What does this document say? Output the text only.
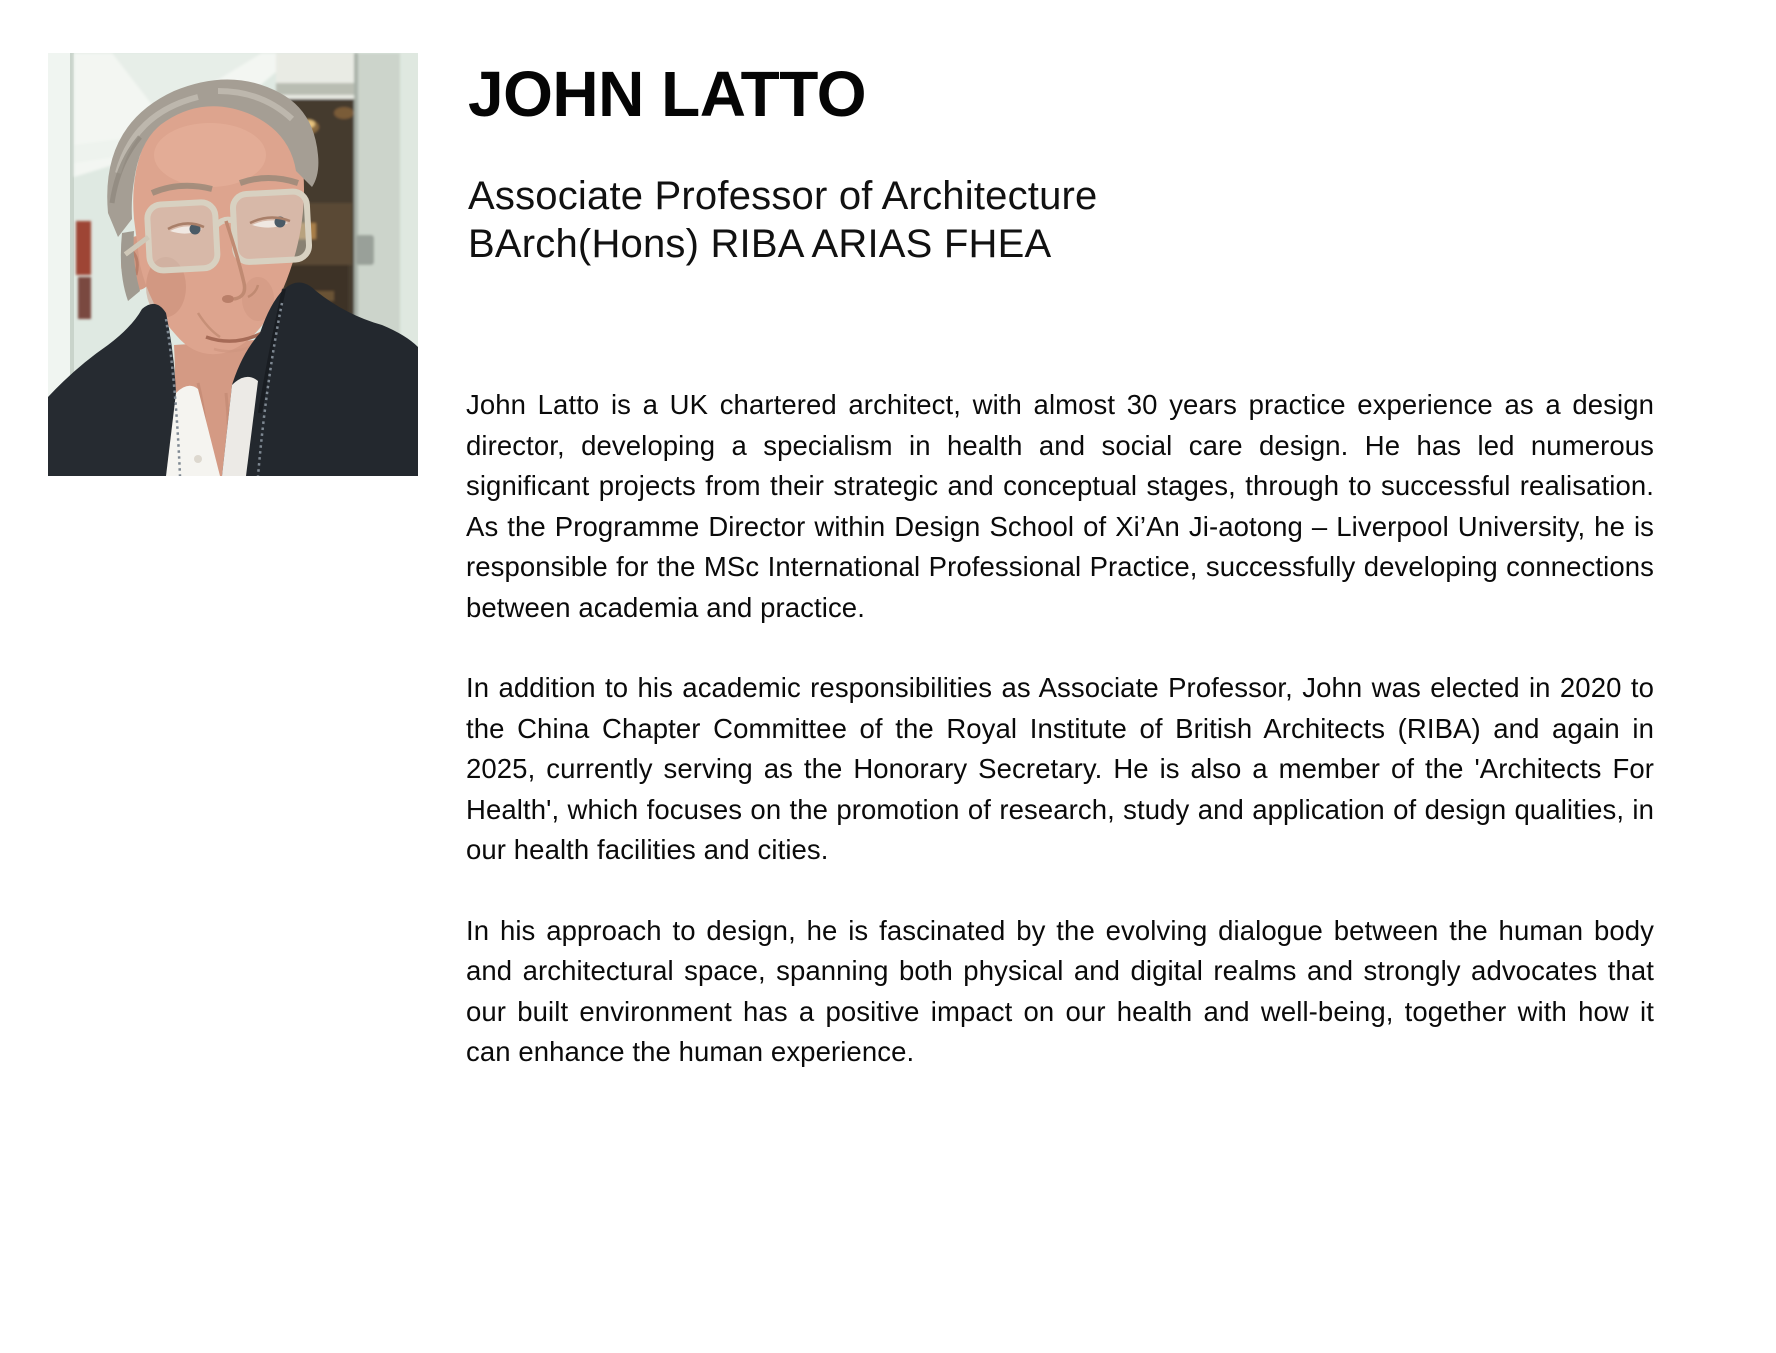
JOHN LATTO

Associate Professor of Architecture

BArch(Hons) RIBA ARIAS FHEA

John Latto is a UK chartered architect, with almost 30 years practice experience as a design director, developing a specialism in health and social care design. He has led numerous significant projects from their strategic and conceptual stages, through to successful realisation. As the Programme Director within Design School of Xi’An Ji-aotong – Liverpool University, he is responsible for the MSc International Professional Practice, successfully developing connections between academia and practice.

In addition to his academic responsibilities as Associate Professor, John was elected in 2020 to the China Chapter Committee of the Royal Institute of British Architects (RIBA) and again in 2025, currently serving as the Honorary Secretary. He is also a member of the 'Architects For Health', which focuses on the promotion of research, study and application of design qualities, in our health facilities and cities.

In his approach to design, he is fascinated by the evolving dialogue between the human body and architectural space, spanning both physical and digital realms and strongly advocates that our built environment has a positive impact on our health and well-being, together with how it can enhance the human experience.
